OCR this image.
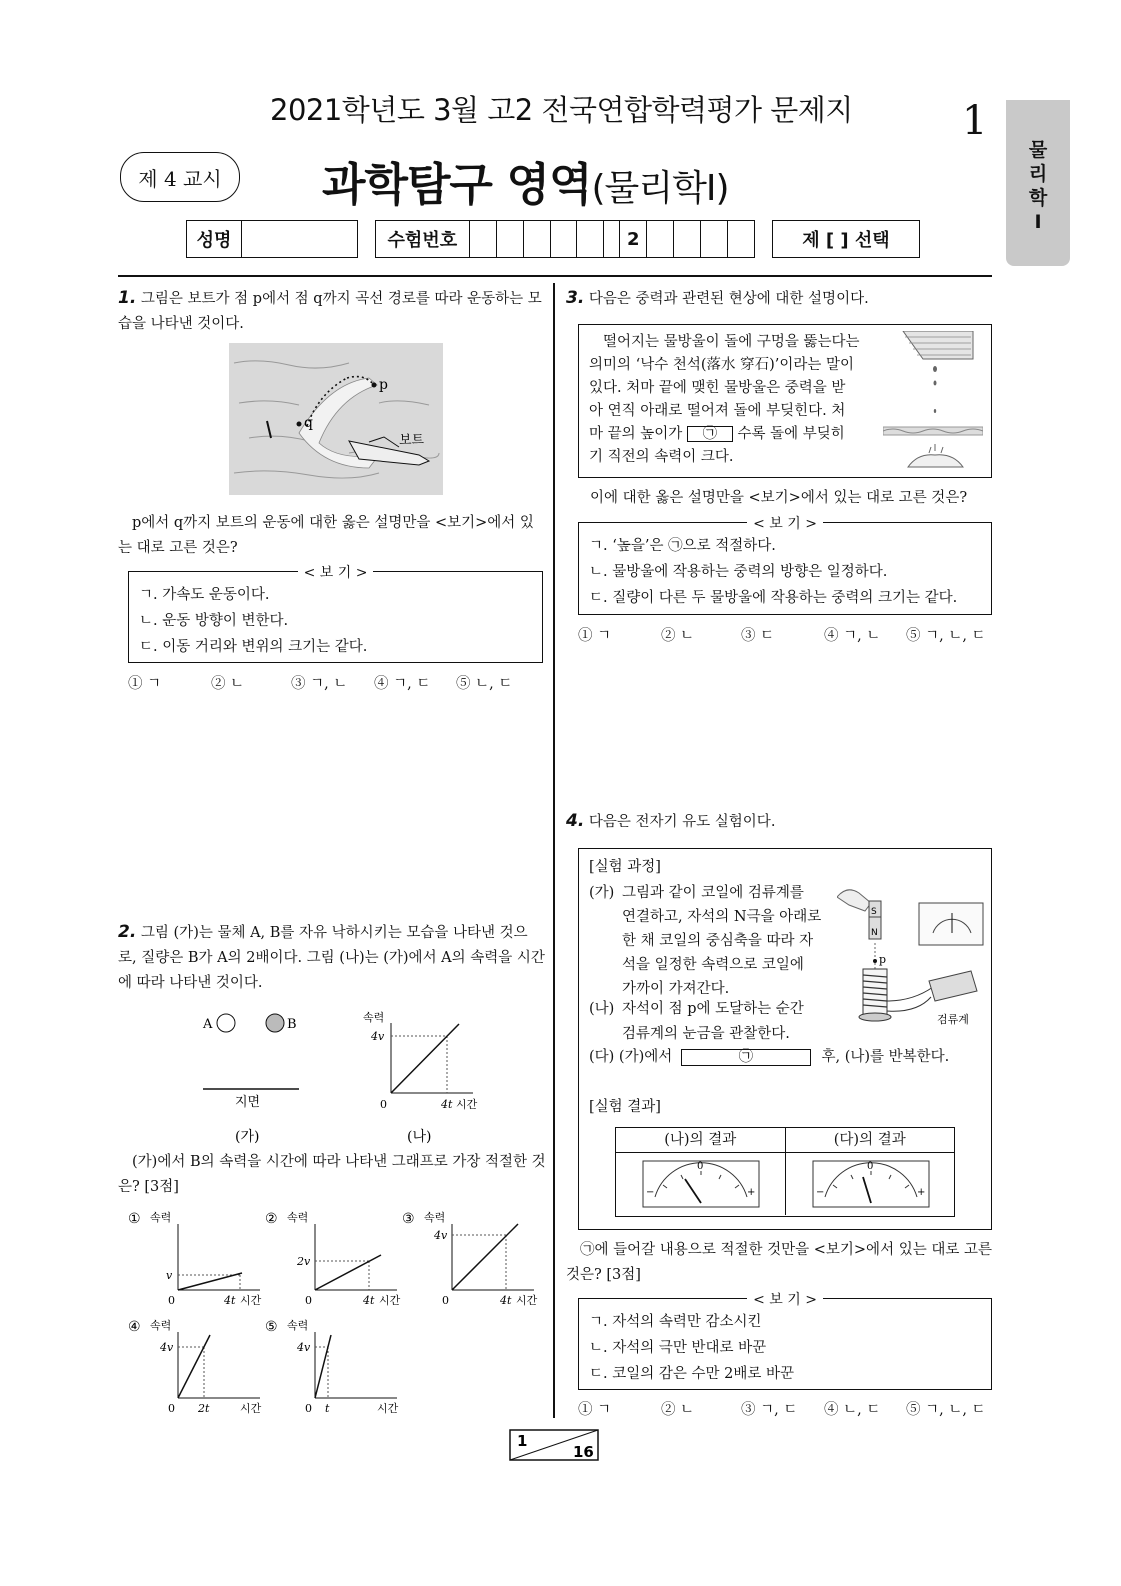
2021학년도 3월 고2 전국연합학력평가 문제지	1
물
리
학
Ⅰ
제 4 교시	과학탐구 영역(물리학Ⅰ)
성명	수험번호	2	제 [ ] 선택
1. 그림은 보트가 점 p에서 점 q까지 곡선 경로를 따라 운동하는 모습을 나타낸 것이다.
p
q
보트
p에서 q까지 보트의 운동에 대한 옳은 설명만을 <보기>에서 있는 대로 고른 것은?
< 보 기 >
ㄱ. 가속도 운동이다.
ㄴ. 운동 방향이 변한다.
ㄷ. 이동 거리와 변위의 크기는 같다.
① ㄱ	② ㄴ	③ ㄱ, ㄴ ④ ㄱ, ㄷ ⑤ ㄴ, ㄷ
2. 그림 (가)는 물체 A, B를 자유 낙하시키는 모습을 나타낸 것으로, 질량은 B가 A의 2배이다. 그림 (나)는 (가)에서 A의 속력을 시간에 따라 나타낸 것이다.
A	B
지면
(가)
속력
4v
0	4t 시간
(나)
(가)에서 B의 속력을 시간에 따라 나타낸 그래프로 가장 적절한 것은? [3점]
① 속력
v
0	4t 시간
② 속력
2v
0	4t 시간
③ 속력
4v
0	4t 시간
④ 속력
4v
0 2t	시간
⑤ 속력
4v
0 t	시간
3. 다음은 중력과 관련된 현상에 대한 설명이다.
떨어지는 물방울이 돌에 구멍을 뚫는다는
의미의 ‘낙수 천석(落水 穿石)’이라는 말이
있다. 처마 끝에 맺힌 물방울은 중력을 받
아 연직 아래로 떨어져 돌에 부딪힌다. 처
마 끝의 높이가 ㉠ 수록 돌에 부딪히
기 직전의 속력이 크다.
이에 대한 옳은 설명만을 <보기>에서 있는 대로 고른 것은?
< 보 기 >
ㄱ. ‘높을’은 ㉠으로 적절하다.
ㄴ. 물방울에 작용하는 중력의 방향은 일정하다.
ㄷ. 질량이 다른 두 물방울에 작용하는 중력의 크기는 같다.
① ㄱ	② ㄴ	③ ㄷ	④ ㄱ, ㄴ ⑤ ㄱ, ㄴ, ㄷ
4. 다음은 전자기 유도 실험이다.
[실험 과정]
(가) 그림과 같이 코일에 검류계를
연결하고, 자석의 N극을 아래로
한 채 코일의 중심축을 따라 자
석을 일정한 속력으로 코일에
가까이 가져간다.
(나) 자석이 점 p에 도달하는 순간
검류계의 눈금을 관찰한다.
(다) (가)에서	㉠	후, (나)를 반복한다.
S
N
p
검류계
[실험 결과]
(나)의 결과	(다)의 결과
0
−	+
0
−	+
㉠에 들어갈 내용으로 적절한 것만을 <보기>에서 있는 대로 고른 것은? [3점]
< 보 기 >
ㄱ. 자석의 속력만 감소시킨
ㄴ. 자석의 극만 반대로 바꾼
ㄷ. 코일의 감은 수만 2배로 바꾼
① ㄱ	② ㄴ	③ ㄱ, ㄷ ④ ㄴ, ㄷ ⑤ ㄱ, ㄴ, ㄷ
1
16
